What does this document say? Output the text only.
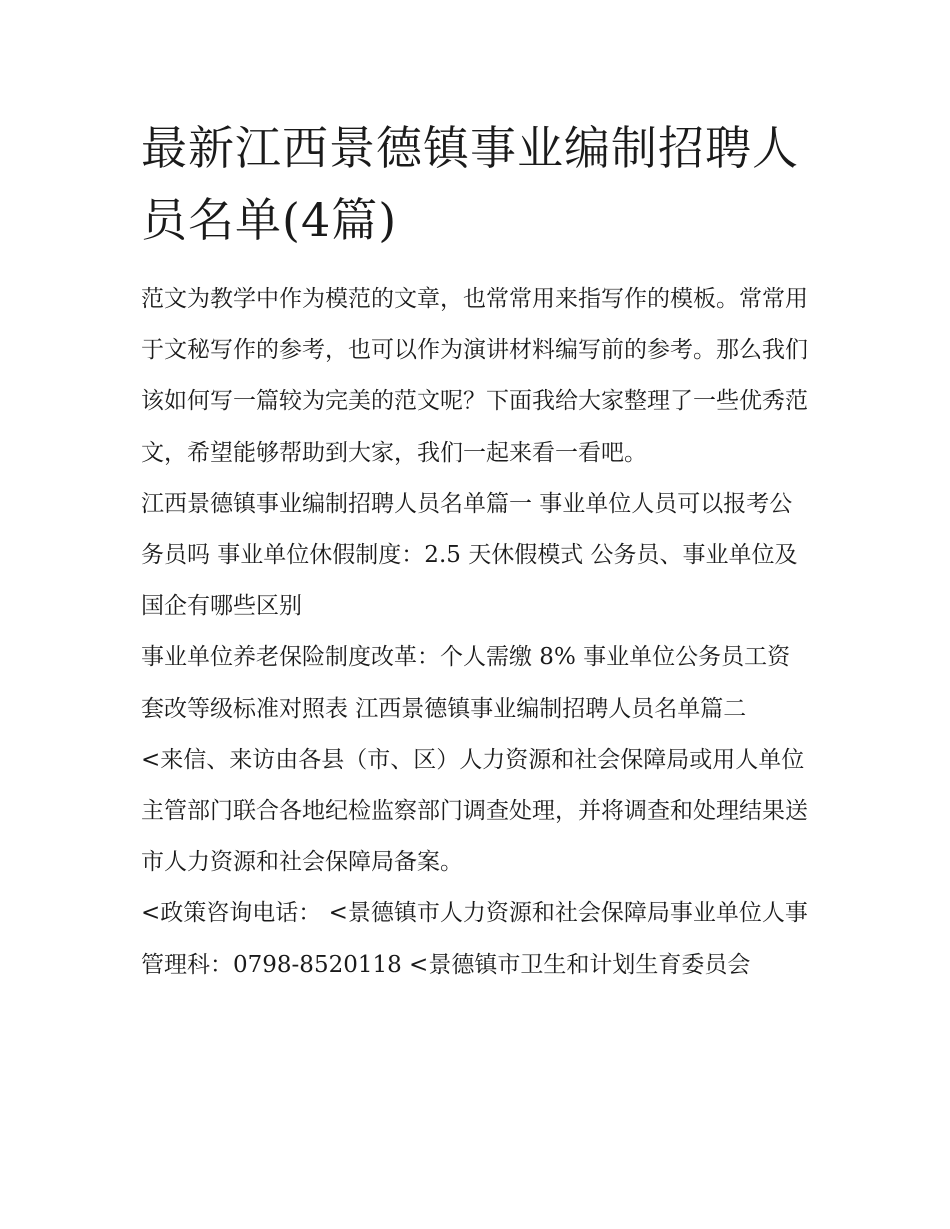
最新江西景德镇事业编制招聘人员名单(4篇)

范文为教学中作为模范的文章，也常常用来指写作的模板。常常用于文秘写作的参考，也可以作为演讲材料编写前的参考。那么我们该如何写一篇较为完美的范文呢？下面我给大家整理了一些优秀范文，希望能够帮助到大家，我们一起来看一看吧。

江西景德镇事业编制招聘人员名单篇一 事业单位人员可以报考公务员吗 事业单位休假制度：2.5 天休假模式 公务员、事业单位及国企有哪些区别

事业单位养老保险制度改革：个人需缴 8% 事业单位公务员工资套改等级标准对照表 江西景德镇事业编制招聘人员名单篇二

<来信、来访由各县（市、区）人力资源和社会保障局或用人单位主管部门联合各地纪检监察部门调查处理，并将调查和处理结果送市人力资源和社会保障局备案。

<政策咨询电话： <景德镇市人力资源和社会保障局事业单位人事管理科：0798-8520118 <景德镇市卫生和计划生育委员会
